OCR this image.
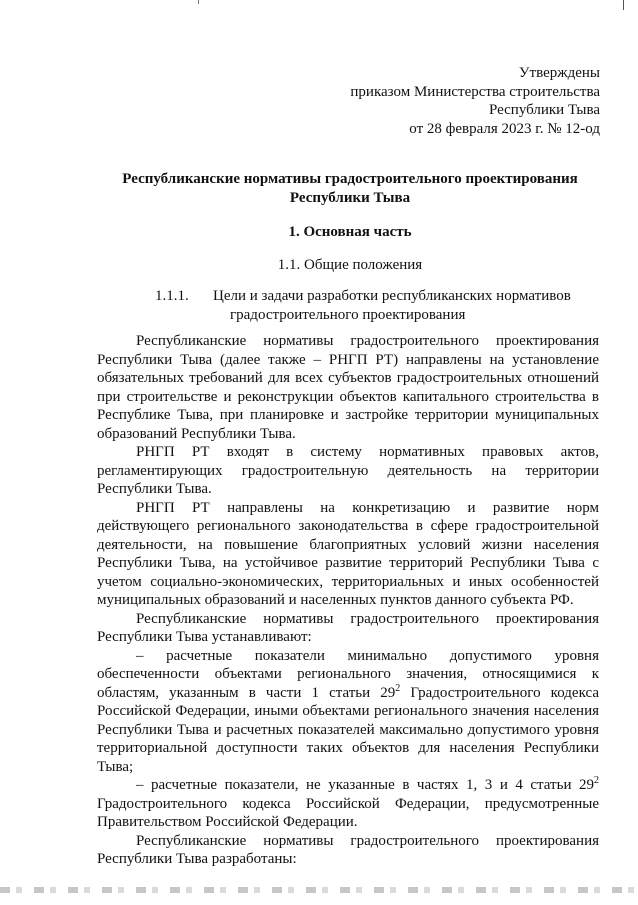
Утверждены
приказом Министерства строительства
Республики Тыва
от 28 февраля 2023 г. № 12-од
Республиканские нормативы градостроительного проектирования
Республики Тыва
1. Основная часть
1.1. Общие положения
1.1.1. Цели и задачи разработки республиканских нормативов
градостроительного проектирования

Республиканские нормативы градостроительного проектирования Республики Тыва (далее также – РНГП РТ) направлены на установление обязательных требований для всех субъектов градостроительных отношений при строительстве и реконструкции объектов капитального строительства в Республике Тыва, при планировке и застройке территории муниципальных образований Республики Тыва.

РНГП РТ входят в систему нормативных правовых актов, регламентирующих градостроительную деятельность на территории Республики Тыва.

РНГП РТ направлены на конкретизацию и развитие норм действующего регионального законодательства в сфере градостроительной деятельности, на повышение благоприятных условий жизни населения Республики Тыва, на устойчивое развитие территорий Республики Тыва с учетом социально-экономических, территориальных и иных особенностей муниципальных образований и населенных пунктов данного субъекта РФ.

Республиканские нормативы градостроительного проектирования Республики Тыва устанавливают:

– расчетные показатели минимально допустимого уровня обеспеченности объектами регионального значения, относящимися к областям, указанным в части 1 статьи $29^2$ Градостроительного кодекса Российской Федерации, иными объектами регионального значения населения Республики Тыва и расчетных показателей максимально допустимого уровня территориальной доступности таких объектов для населения Республики Тыва;

– расчетные показатели, не указанные в частях 1, 3 и 4 статьи $29^2$ Градостроительного кодекса Российской Федерации, предусмотренные Правительством Российской Федерации.

Республиканские нормативы градостроительного проектирования Республики Тыва разработаны:
